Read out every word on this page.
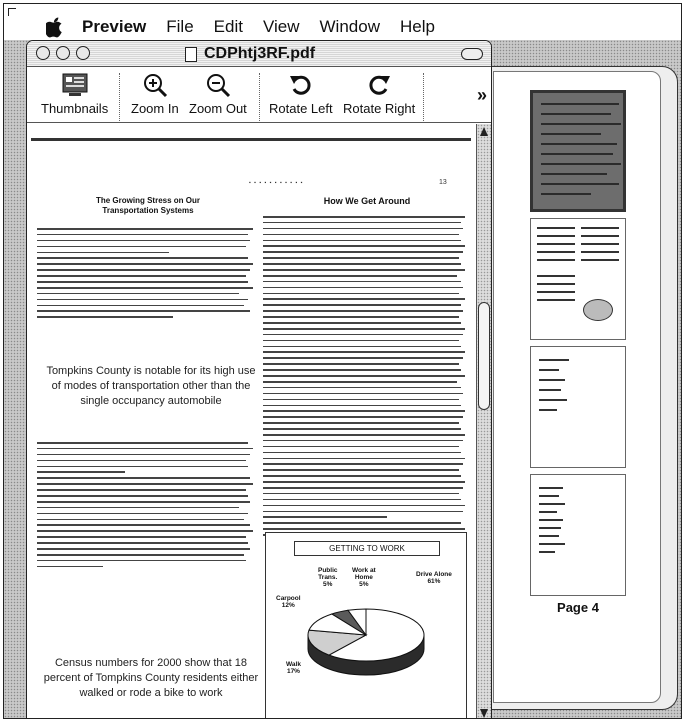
Preview File Edit View Window Help
Page 4
CDPhtj3RF.pdf
Thumbnails Zoom In Zoom Out Rotate Left Rotate Right
»
▪ ▪ ▪ ▪ ▪ ▪ ▪ ▪ ▪ ▪ ▪	13
The Growing Stress on Our Transportation Systems
Tompkins County is notable for its high use of modes of transportation other than the single occupancy automobile
Census numbers for 2000 show that 18 percent of Tompkins County residents either walked or rode a bike to work
How We Get Around
GETTING TO WORK
Public
Trans.
5%
Work at
Home
5%
Drive Alone
61%
Carpool
12%
Walk
17%
